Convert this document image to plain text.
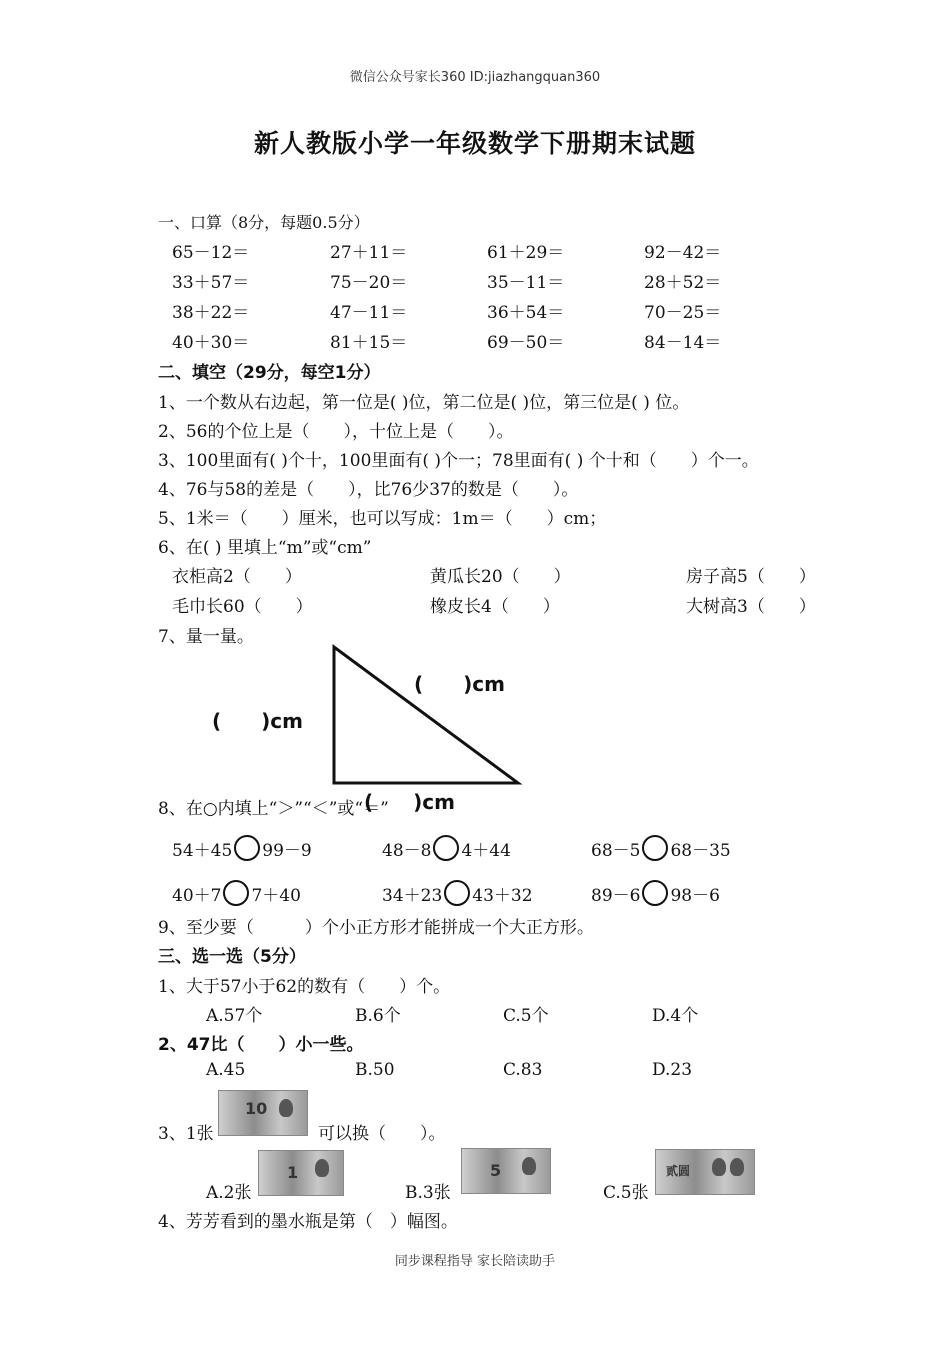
微信公众号家长360 ID:jiazhangquan360
新人教版小学一年级数学下册期末试题
一、口算（8分，每题0.5分）
65－12＝	27＋11＝	61＋29＝	92－42＝
33＋57＝	75－20＝	35－11＝	28＋52＝
38＋22＝	47－11＝	36＋54＝	70－25＝
40＋30＝	81＋15＝	69－50＝	84－14＝
二、填空（29分，每空1分）
1、一个数从右边起，第一位是( )位，第二位是( )位，第三位是( ) 位。
2、56的个位上是（　　），十位上是（　　）。
3、100里面有( )个十，100里面有( )个一；78里面有( ) 个十和（　　）个一。
4、76与58的差是（　　），比76少37的数是（　　）。
5、1米＝（　　）厘米，也可以写成：1m＝（　　）cm；
6、在( ) 里填上“m”或“cm”
衣柜高2（　　）	黄瓜长20（　　）	房子高5（　　）
毛巾长60（　　）	橡皮长4（　　）	大树高3（　　）
7、量一量。
(　　)cm
(　　)cm
(　　)cm
8、在○内填上“＞”“＜”或“＝”
54＋45 99－9	48－8 4＋44	68－5 68－35
40＋7 7＋40	34＋23 43＋32	89－6 98－6
9、至少要（　　　）个小正方形才能拼成一个大正方形。
三、选一选（5分）
1、大于57小于62的数有（　　）个。
A.57个	B.6个	C.5个	D.4个
2、47比（　　）小一些。
A.45	B.50	C.83	D.23
3、1张
10
可以换（　　）。
A.2张
1
B.3张
5
C.5张
贰圆
4、芳芳看到的墨水瓶是第（　）幅图。
同步课程指导 家长陪读助手
